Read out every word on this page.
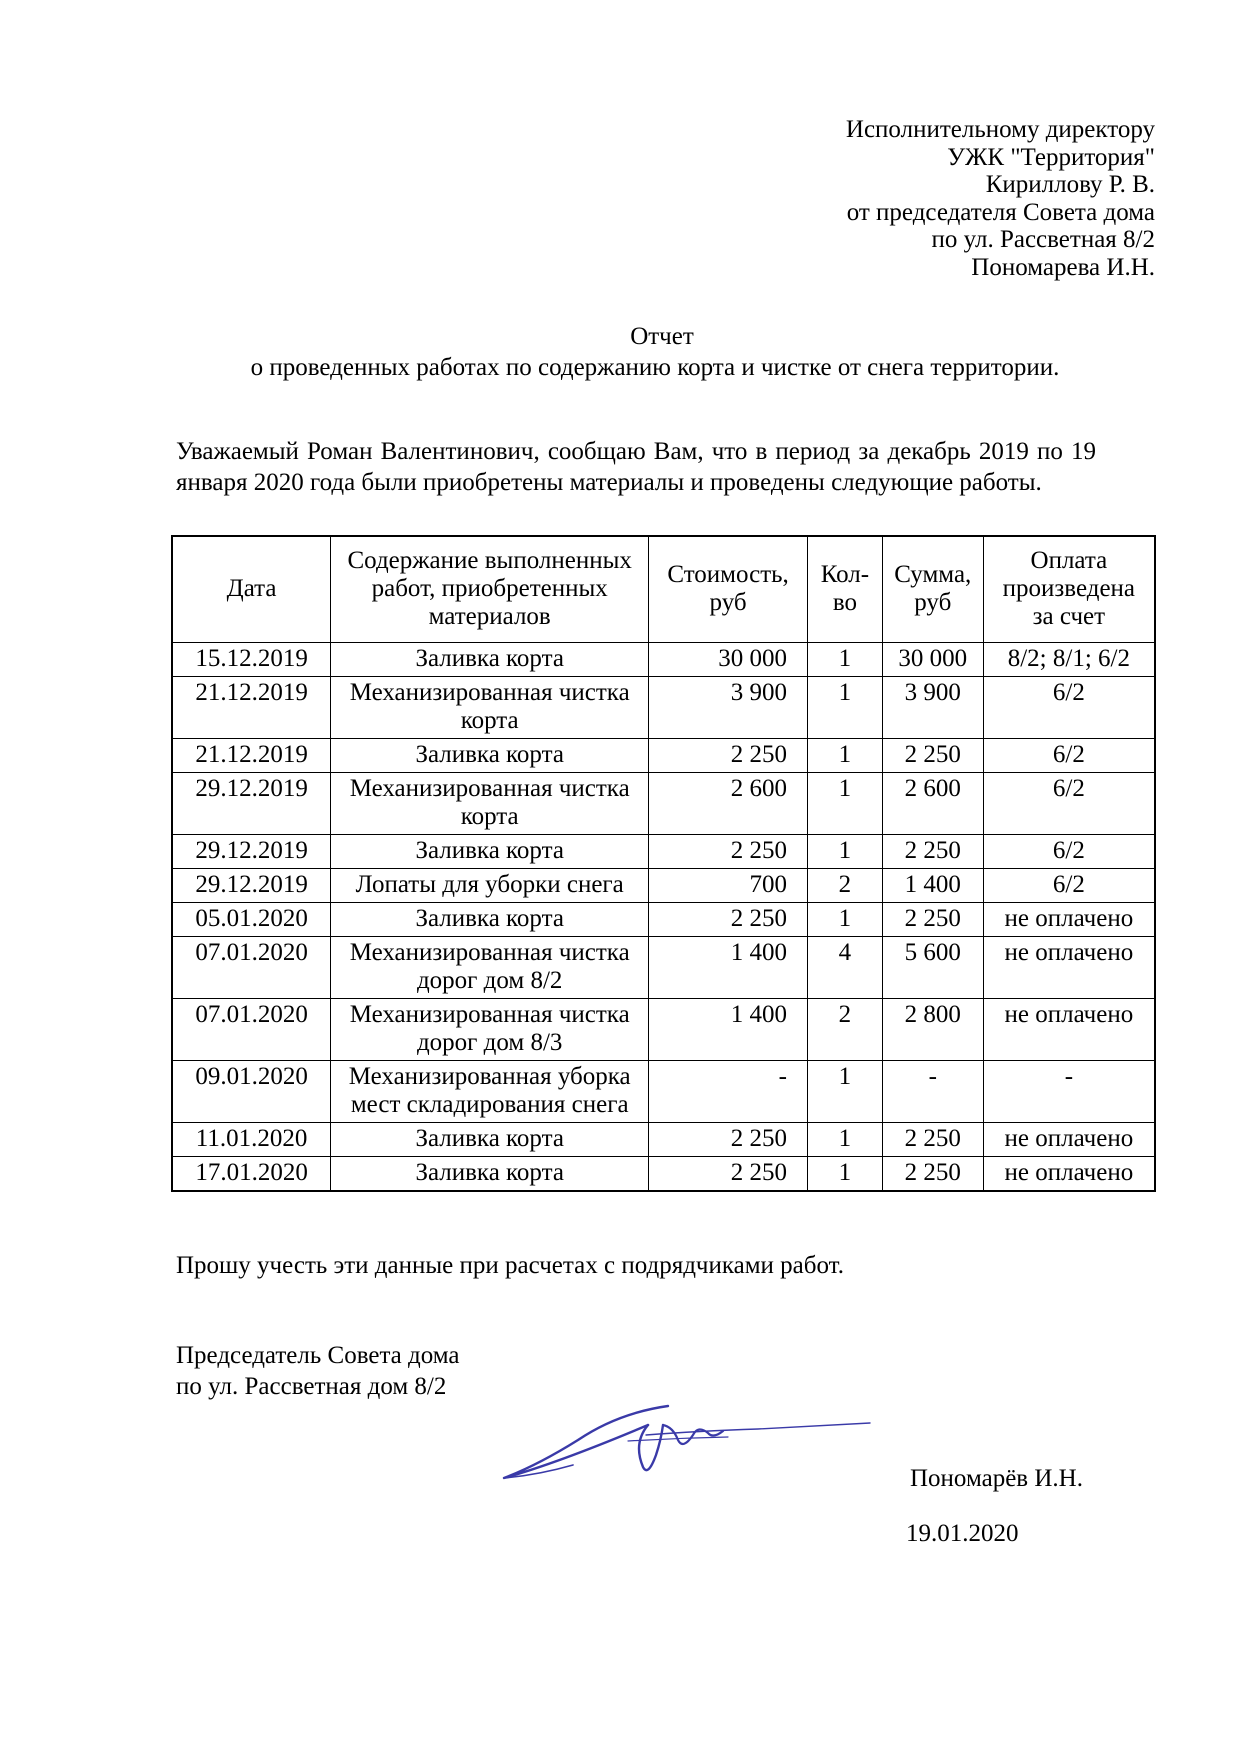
Исполнительному директору
УЖК "Территория"
Кириллову Р. В.
от председателя Совета дома
по ул. Рассветная 8/2
Пономарева И.Н.
Отчет
о проведенных работах по содержанию корта и чистке от снега территории.
Уважаемый Роман Валентинович, сообщаю Вам, что в период за декабрь 2019 по 19 января 2020 года были приобретены материалы и проведены следующие работы.
Дата	Содержание выполненных работ, приобретенных материалов	Стоимость, руб	Кол-во	Сумма, руб	Оплата произведена за счет
15.12.2019	Заливка корта	30 000	1	30 000	8/2; 8/1; 6/2
21.12.2019	Механизированная чистка корта	3 900	1	3 900	6/2
21.12.2019	Заливка корта	2 250	1	2 250	6/2
29.12.2019	Механизированная чистка корта	2 600	1	2 600	6/2
29.12.2019	Заливка корта	2 250	1	2 250	6/2
29.12.2019	Лопаты для уборки снега	700	2	1 400	6/2
05.01.2020	Заливка корта	2 250	1	2 250	не оплачено
07.01.2020	Механизированная чистка дорог дом 8/2	1 400	4	5 600	не оплачено
07.01.2020	Механизированная чистка дорог дом 8/3	1 400	2	2 800	не оплачено
09.01.2020	Механизированная уборка мест складирования снега	-	1	-	-
11.01.2020	Заливка корта	2 250	1	2 250	не оплачено
17.01.2020	Заливка корта	2 250	1	2 250	не оплачено
Прошу учесть эти данные при расчетах с подрядчиками работ.
Председатель Совета дома
по ул. Рассветная дом 8/2
Пономарёв И.Н.
19.01.2020
